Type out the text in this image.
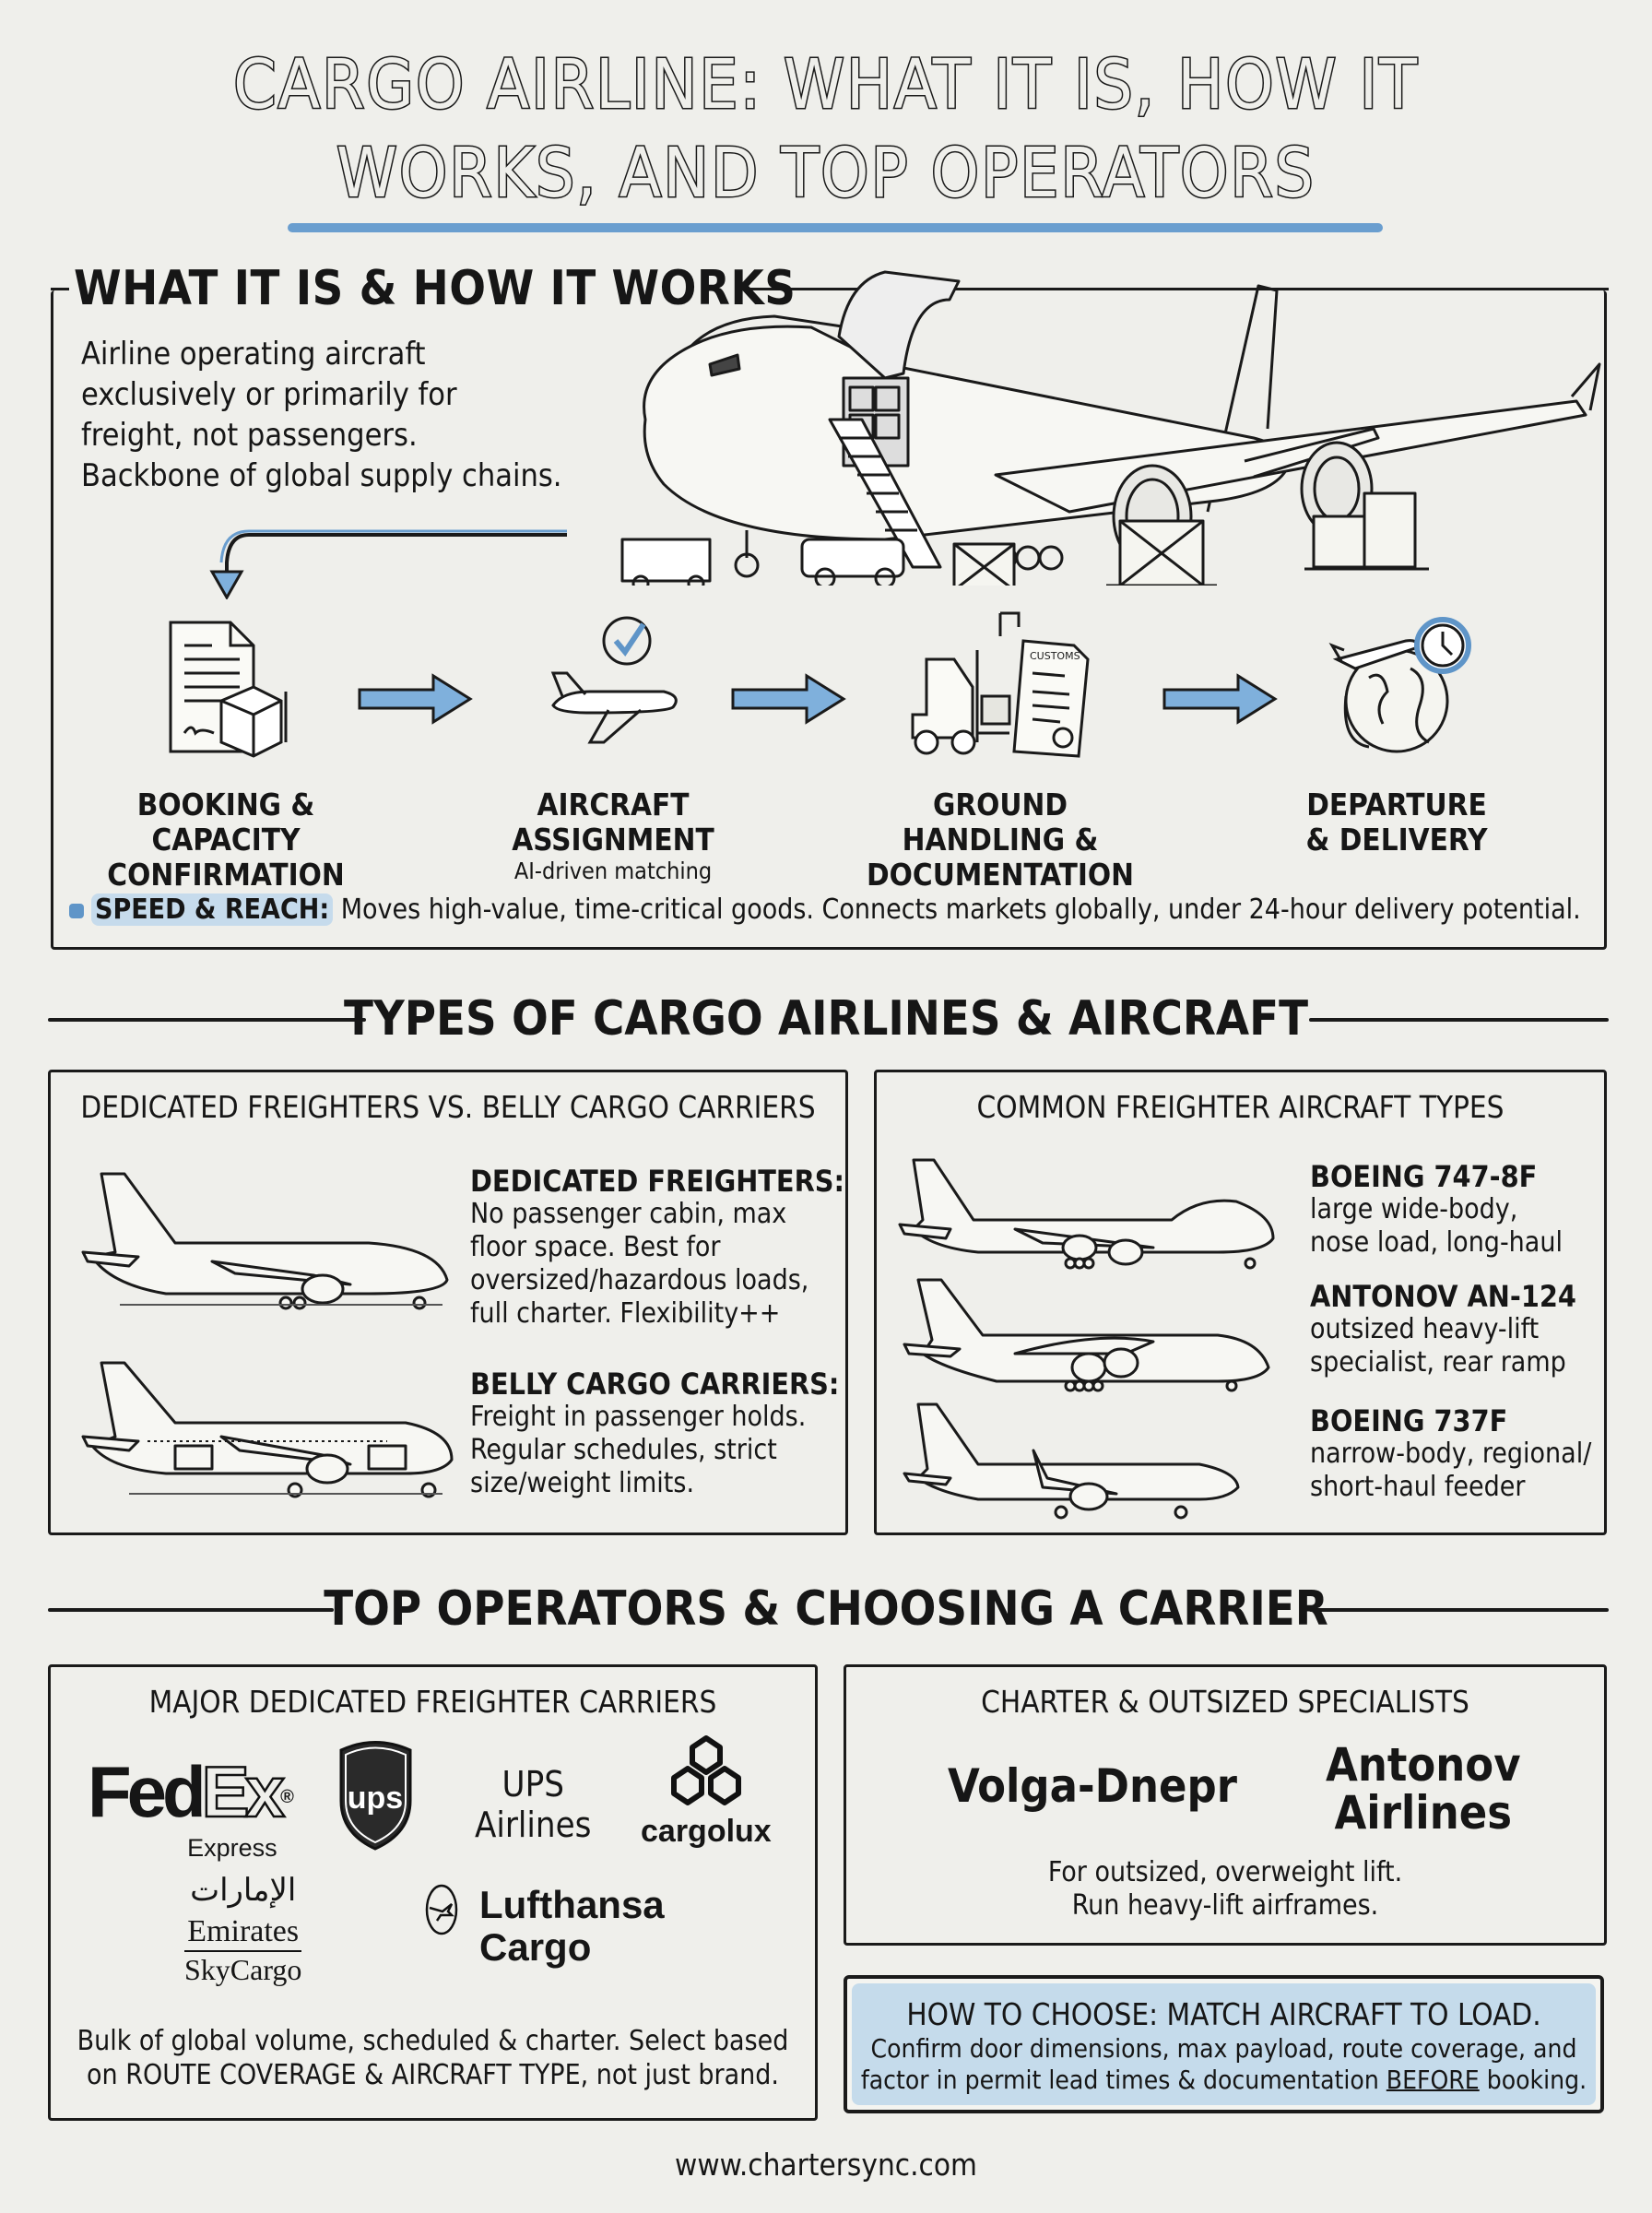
CARGO AIRLINE: WHAT IT IS, HOW IT
WORKS, AND TOP OPERATORS
WHAT IT IS & HOW IT WORKS
Airline operating aircraft
exclusively or primarily for
freight, not passengers.
Backbone of global supply chains.
BOOKING & CAPACITY
CONFIRMATION
AIRCRAFT
ASSIGNMENT
AI-driven matching
CUSTOMS
GROUND HANDLING &
DOCUMENTATION
DEPARTURE
& DELIVERY
SPEED & REACH: Moves high-value, time-critical goods. Connects markets globally, under 24-hour delivery potential.
TYPES OF CARGO AIRLINES & AIRCRAFT
DEDICATED FREIGHTERS VS. BELLY CARGO CARRIERS
DEDICATED FREIGHTERS:
No passenger cabin, max
floor space. Best for
oversized/hazardous loads,
full charter. Flexibility++
BELLY CARGO CARRIERS:
Freight in passenger holds.
Regular schedules, strict
size/weight limits.
COMMON FREIGHTER AIRCRAFT TYPES
BOEING 747-8F
large wide-body,
nose load, long-haul
ANTONOV AN-124
outsized heavy-lift
specialist, rear ramp
BOEING 737F
narrow-body, regional/
short-haul feeder
TOP OPERATORS & CHOOSING A CARRIER
MAJOR DEDICATED FREIGHTER CARRIERS
FedEx®
Express
ups	UPS
Airlines cargolux
الإمارات
Emirates
SkyCargo
Lufthansa
Cargo
Bulk of global volume, scheduled & charter. Select based
on ROUTE COVERAGE & AIRCRAFT TYPE, not just brand.
CHARTER & OUTSIZED SPECIALISTS
Volga-Dnepr Antonov
Airlines
For outsized, overweight lift.
Run heavy-lift airframes.
HOW TO CHOOSE: MATCH AIRCRAFT TO LOAD.
Confirm door dimensions, max payload, route coverage, and
factor in permit lead times & documentation BEFORE booking.
www.chartersync.com
